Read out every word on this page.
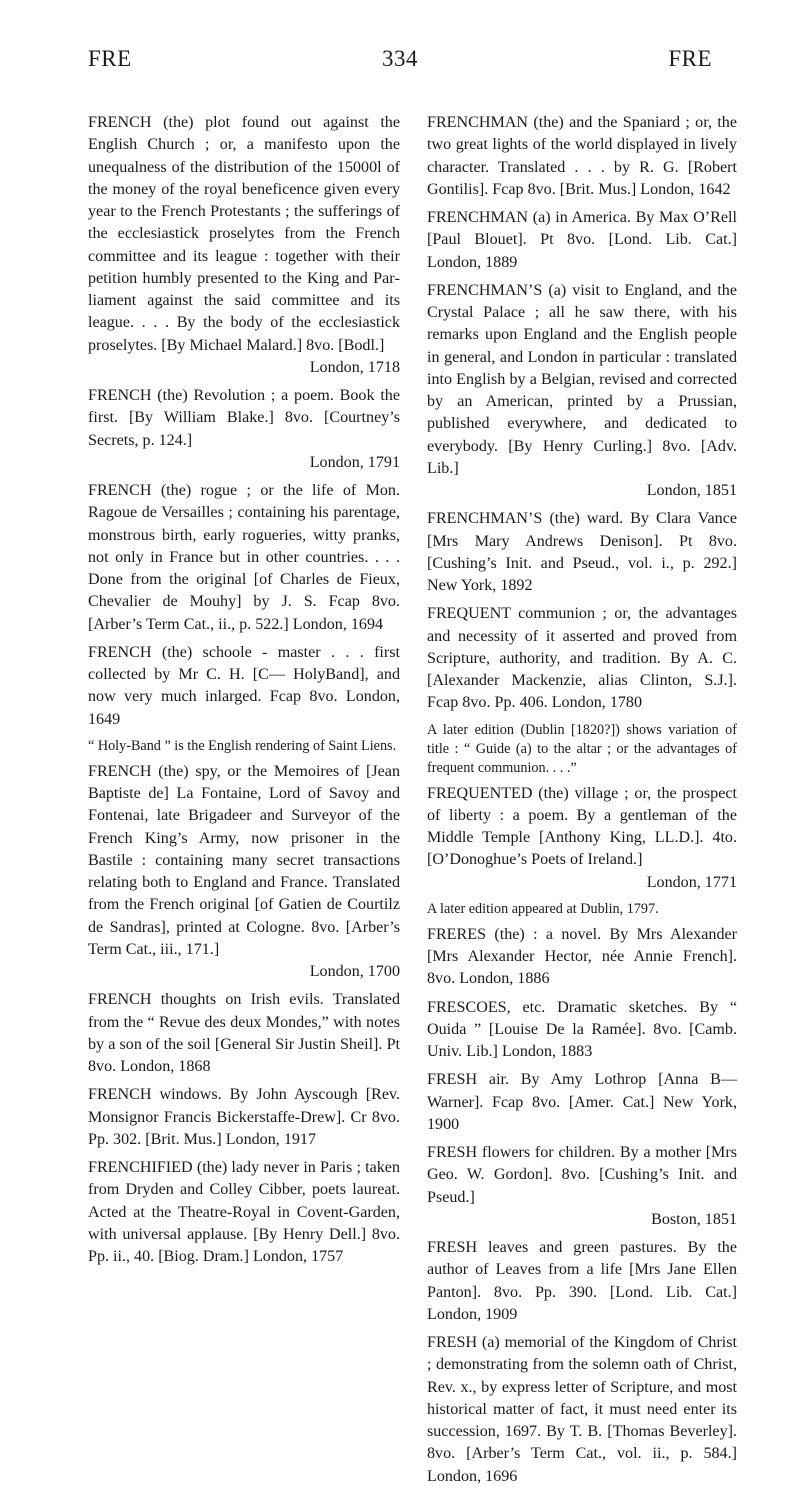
FRE	334	FRE

FRENCH (the) plot found out against the English Church ; or, a manifesto upon the unequalness of the distribution of the 15000l of the money of the royal beneficence given every year to the French Protestants ; the sufferings of the ecclesiastick proselytes from the French committee and its league : together with their petition humbly presented to the King and Parliament against the said committee and its league. . . . By the body of the ecclesiastick proselytes. [By Michael Malard.] 8vo. [Bodl.]
London, 1718

FRENCH (the) Revolution ; a poem. Book the first. [By William Blake.] 8vo. [Courtney’s Secrets, p. 124.]
London, 1791

FRENCH (the) rogue ; or the life of Mon. Ragoue de Versailles ; containing his parentage, monstrous birth, early rogueries, witty pranks, not only in France but in other countries. . . . Done from the original [of Charles de Fieux, Chevalier de Mouhy] by J. S. Fcap 8vo. [Arber’s Term Cat., ii., p. 522.] London, 1694

FRENCH (the) schoole - master . . . first collected by Mr C. H. [C— HolyBand], and now very much inlarged. Fcap 8vo. London, 1649

“ Holy-Band ” is the English rendering of Saint Liens.

FRENCH (the) spy, or the Memoires of [Jean Baptiste de] La Fontaine, Lord of Savoy and Fontenai, late Brigadeer and Surveyor of the French King’s Army, now prisoner in the Bastile : containing many secret transactions relating both to England and France. Translated from the French original [of Gatien de Courtilz de Sandras], printed at Cologne. 8vo. [Arber’s Term Cat., iii., 171.]
London, 1700

FRENCH thoughts on Irish evils. Translated from the “ Revue des deux Mondes,” with notes by a son of the soil [General Sir Justin Sheil]. Pt 8vo. London, 1868

FRENCH windows. By John Ayscough [Rev. Monsignor Francis Bickerstaffe-Drew]. Cr 8vo. Pp. 302. [Brit. Mus.] London, 1917

FRENCHIFIED (the) lady never in Paris ; taken from Dryden and Colley Cibber, poets laureat. Acted at the Theatre-Royal in Covent-Garden, with universal applause. [By Henry Dell.] 8vo. Pp. ii., 40. [Biog. Dram.] London, 1757

FRENCHMAN (the) and the Spaniard ; or, the two great lights of the world displayed in lively character. Translated . . . by R. G. [Robert Gontilis]. Fcap 8vo. [Brit. Mus.] London, 1642

FRENCHMAN (a) in America. By Max O’Rell [Paul Blouet]. Pt 8vo. [Lond. Lib. Cat.] London, 1889

FRENCHMAN’S (a) visit to England, and the Crystal Palace ; all he saw there, with his remarks upon England and the English people in general, and London in particular : translated into English by a Belgian, revised and corrected by an American, printed by a Prussian, published everywhere, and dedicated to everybody. [By Henry Curling.] 8vo. [Adv. Lib.]
London, 1851

FRENCHMAN’S (the) ward. By Clara Vance [Mrs Mary Andrews Denison]. Pt 8vo. [Cushing’s Init. and Pseud., vol. i., p. 292.] New York, 1892

FREQUENT communion ; or, the advantages and necessity of it asserted and proved from Scripture, authority, and tradition. By A. C. [Alexander Mackenzie, alias Clinton, S.J.]. Fcap 8vo. Pp. 406. London, 1780

A later edition (Dublin [1820?]) shows variation of title : “ Guide (a) to the altar ; or the advantages of frequent communion. . . .”

FREQUENTED (the) village ; or, the prospect of liberty : a poem. By a gentleman of the Middle Temple [Anthony King, LL.D.]. 4to. [O’Donoghue’s Poets of Ireland.]
London, 1771

A later edition appeared at Dublin, 1797.

FRERES (the) : a novel. By Mrs Alexander [Mrs Alexander Hector, née Annie French]. 8vo. London, 1886

FRESCOES, etc. Dramatic sketches. By “ Ouida ” [Louise De la Ramée]. 8vo. [Camb. Univ. Lib.] London, 1883

FRESH air. By Amy Lothrop [Anna B— Warner]. Fcap 8vo. [Amer. Cat.] New York, 1900

FRESH flowers for children. By a mother [Mrs Geo. W. Gordon]. 8vo. [Cushing’s Init. and Pseud.]
Boston, 1851

FRESH leaves and green pastures. By the author of Leaves from a life [Mrs Jane Ellen Panton]. 8vo. Pp. 390. [Lond. Lib. Cat.] London, 1909

FRESH (a) memorial of the Kingdom of Christ ; demonstrating from the solemn oath of Christ, Rev. x., by express letter of Scripture, and most historical matter of fact, it must need enter its succession, 1697. By T. B. [Thomas Beverley]. 8vo. [Arber’s Term Cat., vol. ii., p. 584.] London, 1696
